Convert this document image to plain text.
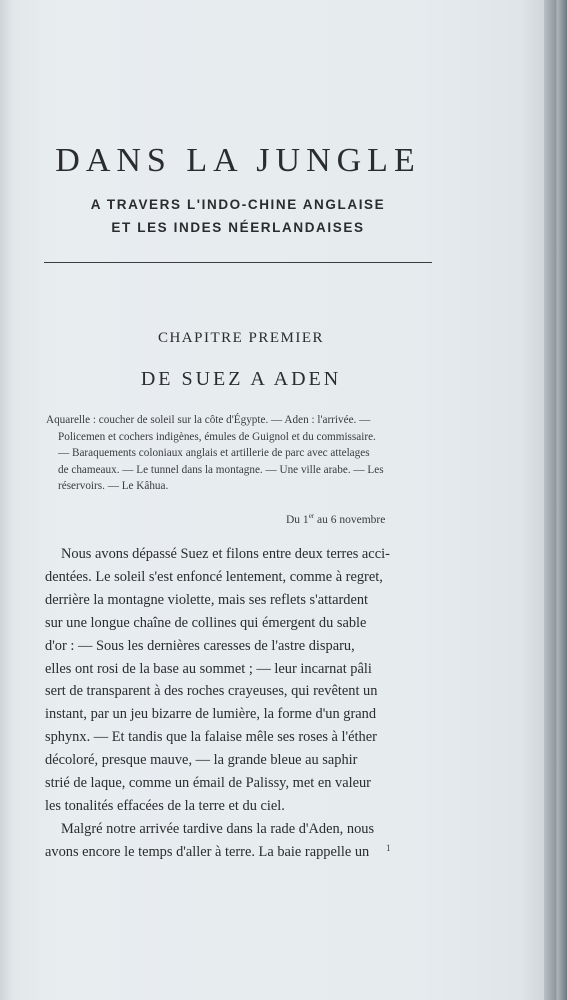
DANS LA JUNGLE
A TRAVERS L'INDO-CHINE ANGLAISE
ET LES INDES NÉERLANDAISES
CHAPITRE PREMIER
DE SUEZ A ADEN
Aquarelle : coucher de soleil sur la côte d'Égypte. — Aden : l'arrivée. —
Policemen et cochers indigènes, émules de Guignol et du commissaire.
— Baraquements coloniaux anglais et artillerie de parc avec attelages
de chameaux. — Le tunnel dans la montagne. — Une ville arabe. — Les
réservoirs. — Le Kâhua.
Du 1er au 6 novembre
Nous avons dépassé Suez et filons entre deux terres acci-
dentées. Le soleil s'est enfoncé lentement, comme à regret,
derrière la montagne violette, mais ses reflets s'attardent
sur une longue chaîne de collines qui émergent du sable
d'or : — Sous les dernières caresses de l'astre disparu,
elles ont rosi de la base au sommet ; — leur incarnat pâli
sert de transparent à des roches crayeuses, qui revêtent un
instant, par un jeu bizarre de lumière, la forme d'un grand
sphynx. — Et tandis que la falaise mêle ses roses à l'éther
décoloré, presque mauve, — la grande bleue au saphir
strié de laque, comme un émail de Palissy, met en valeur
les tonalités effacées de la terre et du ciel.
Malgré notre arrivée tardive dans la rade d'Aden, nous
avons encore le temps d'aller à terre. La baie rappelle un	1
